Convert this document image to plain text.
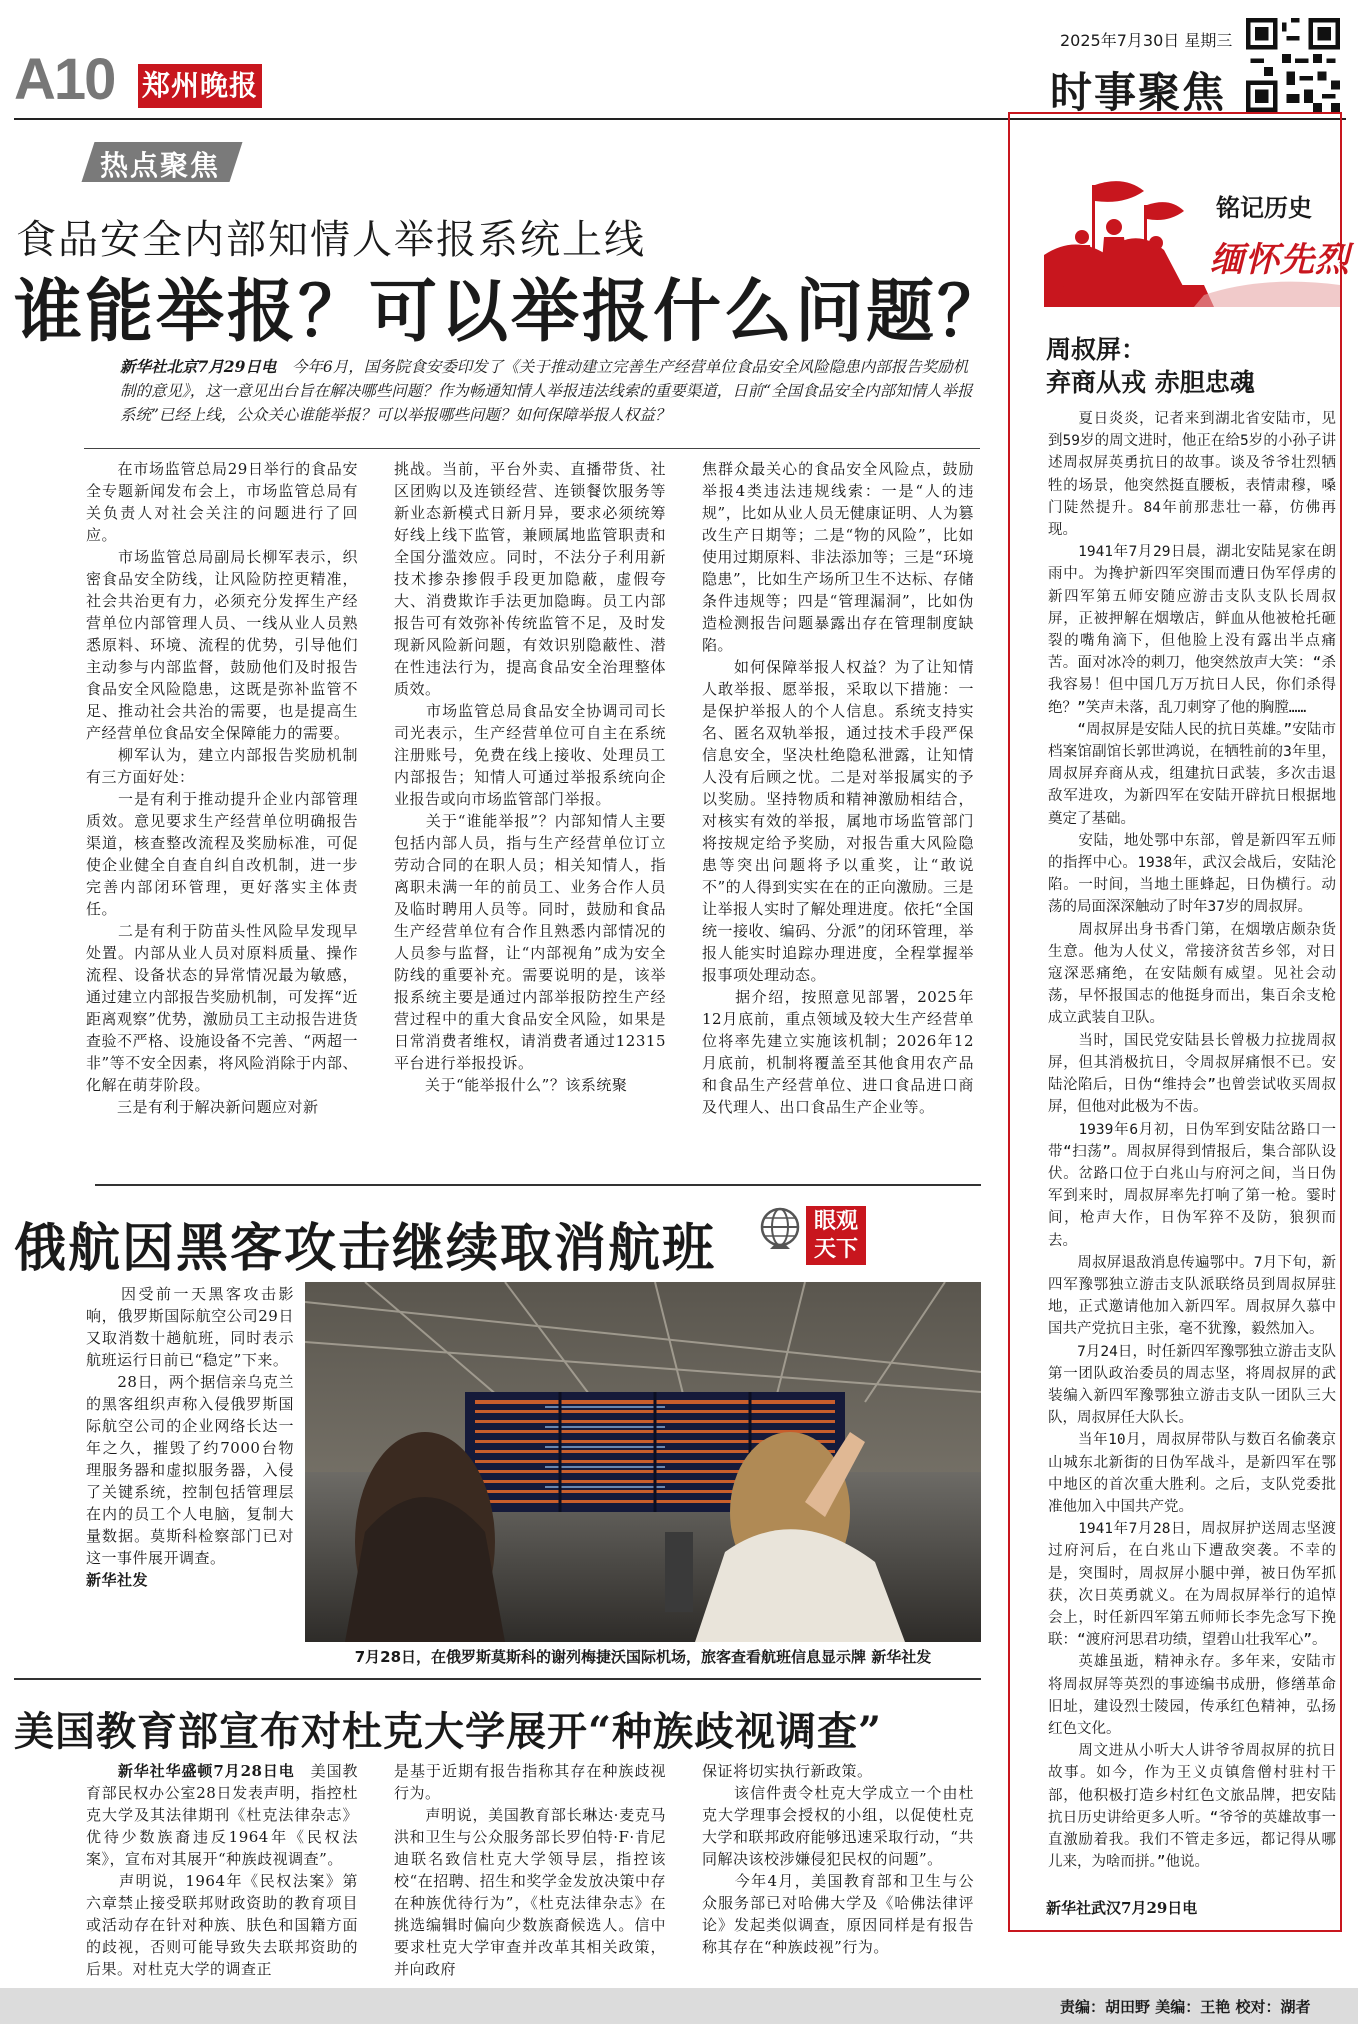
A10 郑州晚报
2025年7月30日 星期三
时事聚焦
热点聚焦
食品安全内部知情人举报系统上线
谁能举报？可以举报什么问题？
新华社北京7月29日电　 今年6月，国务院食安委印发了《关于推动建立完善生产经营单位食品安全风险隐患内部报告奖励机制的意见》，这一意见出台旨在解决哪些问题？作为畅通知情人举报违法线索的重要渠道，日前“全国食品安全内部知情人举报系统”已经上线，公众关心谁能举报？可以举报哪些问题？如何保障举报人权益？
　　在市场监管总局29日举行的食品安全专题新闻发布会上，市场监管总局有关负责人对社会关注的问题进行了回应。
　　市场监管总局副局长柳军表示，织密食品安全防线，让风险防控更精准，社会共治更有力，必须充分发挥生产经营单位内部管理人员、一线从业人员熟悉原料、环境、流程的优势，引导他们主动参与内部监督，鼓励他们及时报告食品安全风险隐患，这既是弥补监管不足、推动社会共治的需要，也是提高生产经营单位食品安全保障能力的需要。
　　柳军认为，建立内部报告奖励机制有三方面好处：
　　一是有利于推动提升企业内部管理质效。意见要求生产经营单位明确报告渠道，核查整改流程及奖励标准，可促使企业健全自查自纠自改机制，进一步完善内部闭环管理，更好落实主体责任。
　　二是有利于防苗头性风险早发现早处置。内部从业人员对原料质量、操作流程、设备状态的异常情况最为敏感，通过建立内部报告奖励机制，可发挥“近距离观察”优势，激励员工主动报告进货查验不严格、设施设备不完善、“两超一非”等不安全因素，将风险消除于内部、化解在萌芽阶段。
　　三是有利于解决新问题应对新
挑战。当前，平台外卖、直播带货、社区团购以及连锁经营、连锁餐饮服务等新业态新模式日新月异，要求必须统筹好线上线下监管，兼顾属地监管职责和全国分滥效应。同时，不法分子利用新技术掺杂掺假手段更加隐蔽，虚假夸大、消费欺诈手法更加隐晦。员工内部报告可有效弥补传统监管不足，及时发现新风险新问题，有效识别隐蔽性、潜在性违法行为，提高食品安全治理整体质效。
　　市场监管总局食品安全协调司司长司光表示，生产经营单位可自主在系统注册账号，免费在线上接收、处理员工内部报告；知情人可通过举报系统向企业报告或向市场监管部门举报。
　　关于“谁能举报”？内部知情人主要包括内部人员，指与生产经营单位订立劳动合同的在职人员；相关知情人，指离职未满一年的前员工、业务合作人员及临时聘用人员等。同时，鼓励和食品生产经营单位有合作且熟悉内部情况的人员参与监督，让“内部视角”成为安全防线的重要补充。需要说明的是，该举报系统主要是通过内部举报防控生产经营过程中的重大食品安全风险，如果是日常消费者维权，请消费者通过12315平台进行举报投诉。
　　关于“能举报什么”？该系统聚
焦群众最关心的食品安全风险点，鼓励举报4类违法违规线索：一是“人的违规”，比如从业人员无健康证明、人为篡改生产日期等；二是“物的风险”，比如使用过期原料、非法添加等；三是“环境隐患”，比如生产场所卫生不达标、存储条件违规等；四是“管理漏洞”，比如伪造检测报告问题暴露出存在管理制度缺陷。
　　如何保障举报人权益？为了让知情人敢举报、愿举报，采取以下措施：一是保护举报人的个人信息。系统支持实名、匿名双轨举报，通过技术手段严保信息安全，坚决杜绝隐私泄露，让知情人没有后顾之忧。二是对举报属实的予以奖励。坚持物质和精神激励相结合，对核实有效的举报，属地市场监管部门将按规定给予奖励，对报告重大风险隐患等突出问题将予以重奖，让“敢说不”的人得到实实在在的正向激励。三是让举报人实时了解处理进度。依托“全国统一接收、编码、分派”的闭环管理，举报人能实时追踪办理进度，全程掌握举报事项处理动态。
　　据介绍，按照意见部署，2025年12月底前，重点领域及较大生产经营单位将率先建立实施该机制；2026年12月底前，机制将覆盖至其他食用农产品和食品生产经营单位、进口食品进口商及代理人、出口食品生产企业等。
俄航因黑客攻击继续取消航班	眼观
天下
　　因受前一天黑客攻击影响，俄罗斯国际航空公司29日又取消数十趟航班，同时表示航班运行日前已“稳定”下来。
　　28日，两个据信亲乌克兰的黑客组织声称入侵俄罗斯国际航空公司的企业网络长达一年之久，摧毁了约7000台物理服务器和虚拟服务器，入侵了关键系统，控制包括管理层在内的员工个人电脑，复制大量数据。莫斯科检察部门已对这一事件展开调查。
新华社发
7月28日，在俄罗斯莫斯科的谢列梅捷沃国际机场，旅客查看航班信息显示牌 新华社发
美国教育部宣布对杜克大学展开“种族歧视调查”
　　新华社华盛顿7月28日电　 美国教育部民权办公室28日发表声明，指控杜克大学及其法律期刊《杜克法律杂志》优待少数族裔违反1964年《民权法案》，宣布对其展开“种族歧视调查”。
　　声明说，1964年《民权法案》第六章禁止接受联邦财政资助的教育项目或活动存在针对种族、肤色和国籍方面的歧视，否则可能导致失去联邦资助的后果。对杜克大学的调查正
是基于近期有报告指称其存在种族歧视行为。
　　声明说，美国教育部长琳达·麦克马洪和卫生与公众服务部长罗伯特·F·肯尼迪联名致信杜克大学领导层，指控该校“在招聘、招生和奖学金发放决策中存在种族优待行为”，《杜克法律杂志》在挑选编辑时偏向少数族裔候选人。信中要求杜克大学审查并改革其相关政策，并向政府
保证将切实执行新政策。
　　该信件责令杜克大学成立一个由杜克大学理事会授权的小组，以促使杜克大学和联邦政府能够迅速采取行动，“共同解决该校涉嫌侵犯民权的问题”。
　　今年4月，美国教育部和卫生与公众服务部已对哈佛大学及《哈佛法律评论》发起类似调查，原因同样是有报告称其存在“种族歧视”行为。
铭记历史
缅怀先烈
周叔屏：
弃商从戎 赤胆忠魂
　　夏日炎炎，记者来到湖北省安陆市，见到59岁的周文进时，他正在给5岁的小孙子讲述周叔屏英勇抗日的故事。谈及爷爷壮烈牺牲的场景，他突然挺直腰板，表情肃穆，嗓门陡然提升。84年前那悲壮一幕，仿佛再现。
　　1941年7月29日晨，湖北安陆晃家在朗雨中。为搀护新四军突围而遭日伪军俘虏的新四军第五师安随应游击支队支队长周叔屏，正被押解在烟墩店，鲜血从他被枪托砸裂的嘴角滴下，但他脸上没有露出半点痛苦。面对冰冷的刺刀，他突然放声大笑：“杀我容易！但中国几万万抗日人民，你们杀得绝？”笑声未落，乱刀刺穿了他的胸膛……
　　“周叔屏是安陆人民的抗日英雄。”安陆市档案馆副馆长郭世鸿说，在牺牲前的3年里，周叔屏弃商从戎，组建抗日武装，多次击退敌军进攻，为新四军在安陆开辟抗日根据地奠定了基础。
　　安陆，地处鄂中东部，曾是新四军五师的指挥中心。1938年，武汉会战后，安陆沦陷。一时间，当地土匪蜂起，日伪横行。动荡的局面深深触动了时年37岁的周叔屏。
　　周叔屏出身书香门第，在烟墩店颇杂货生意。他为人仗义，常接济贫苦乡邻，对日寇深恶痛绝，在安陆颇有威望。见社会动荡，早怀报国志的他挺身而出，集百余支枪成立武装自卫队。
　　当时，国民党安陆县长曾极力拉拢周叔屏，但其消极抗日，令周叔屏痛恨不已。安陆沦陷后，日伪“维持会”也曾尝试收买周叔屏，但他对此极为不齿。
　　1939年6月初，日伪军到安陆岔路口一带“扫荡”。周叔屏得到情报后，集合部队设伏。岔路口位于白兆山与府河之间，当日伪军到来时，周叔屏率先打响了第一枪。霎时间，枪声大作，日伪军猝不及防，狼狈而去。
　　周叔屏退敌消息传遍鄂中。7月下旬，新四军豫鄂独立游击支队派联络员到周叔屏驻地，正式邀请他加入新四军。周叔屏久慕中国共产党抗日主张，毫不犹豫，毅然加入。
　　7月24日，时任新四军豫鄂独立游击支队第一团队政治委员的周志坚，将周叔屏的武装编入新四军豫鄂独立游击支队一团队三大队，周叔屏任大队长。
　　当年10月，周叔屏带队与数百名偷袭京山城东北新街的日伪军战斗，是新四军在鄂中地区的首次重大胜利。之后，支队党委批准他加入中国共产党。
　　1941年7月28日，周叔屏护送周志坚渡过府河后，在白兆山下遭敌突袭。不幸的是，突围时，周叔屏小腿中弹，被日伪军抓获，次日英勇就义。在为周叔屏举行的追悼会上，时任新四军第五师师长李先念写下挽联：“渡府河思君功绩，望碧山壮我军心”。
　　英雄虽逝，精神永存。多年来，安陆市将周叔屏等英烈的事迹编书成册，修缮革命旧址，建设烈士陵园，传承红色精神，弘扬红色文化。
　　周文进从小听大人讲爷爷周叔屏的抗日故事。如今，作为王义贞镇詹僧村驻村干部，他积极打造乡村红色文旅品牌，把安陆抗日历史讲给更多人听。“爷爷的英雄故事一直激励着我。我们不管走多远，都记得从哪儿来，为啥而拼。”他说。
新华社武汉7月29日电
责编：胡田野 美编：王艳 校对：湖者
